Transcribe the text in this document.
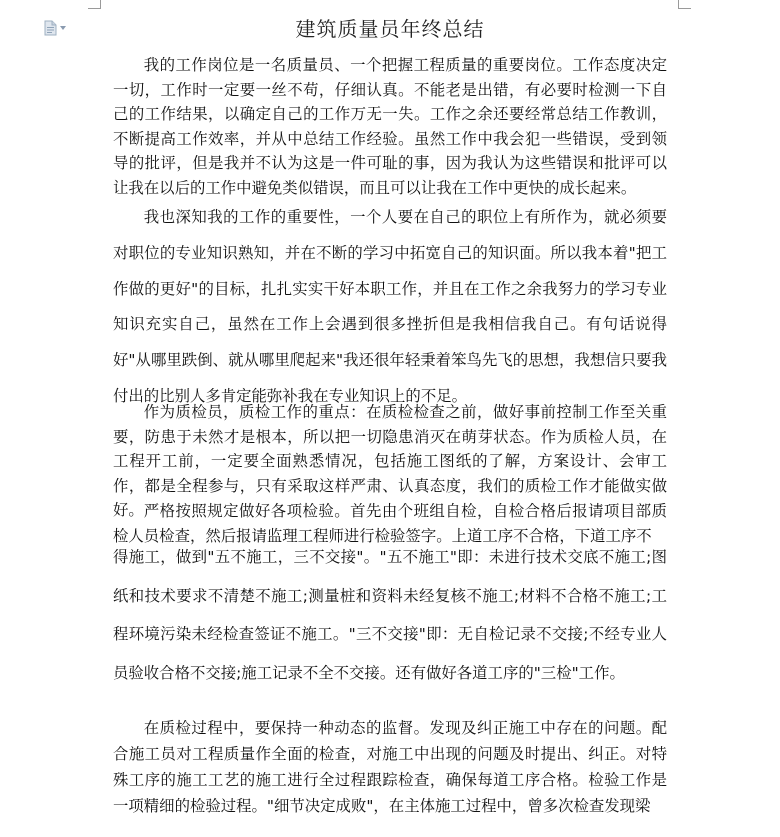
建筑质量员年终总结

我的工作岗位是一名质量员、一个把握工程质量的重要岗位。工作态度决定一切，工作时一定要一丝不苟，仔细认真。不能老是出错，有必要时检测一下自己的工作结果，以确定自己的工作万无一失。工作之余还要经常总结工作教训，不断提高工作效率，并从中总结工作经验。虽然工作中我会犯一些错误，受到领导的批评，但是我并不认为这是一件可耻的事，因为我认为这些错误和批评可以让我在以后的工作中避免类似错误，而且可以让我在工作中更快的成长起来。

我也深知我的工作的重要性，一个人要在自己的职位上有所作为，就必须要对职位的专业知识熟知，并在不断的学习中拓宽自己的知识面。所以我本着"把工作做的更好"的目标，扎扎实实干好本职工作，并且在工作之余我努力的学习专业知识充实自己，虽然在工作上会遇到很多挫折但是我相信我自己。有句话说得好"从哪里跌倒、就从哪里爬起来"我还很年轻秉着笨鸟先飞的思想，我想信只要我付出的比别人多肯定能弥补我在专业知识上的不足。

作为质检员，质检工作的重点：在质检检查之前，做好事前控制工作至关重要，防患于未然才是根本，所以把一切隐患消灭在萌芽状态。作为质检人员，在工程开工前，一定要全面熟悉情况，包括施工图纸的了解，方案设计、会审工作，都是全程参与，只有采取这样严肃、认真态度，我们的质检工作才能做实做好。 严格按照规定做好各项检验。首先由个班组自检，自检合格后报请项目部质检人员检查，然后报请监理工程师进行检验签字。上道工序不合格，下道工序不

得施工，做到"五不施工，三不交接"。"五不施工"即：未进行技术交底不施工;图纸和技术要求不清楚不施工;测量桩和资料未经复核不施工;材料不合格不施工;工程环境污染未经检查签证不施工。"三不交接"即：无自检记录不交接;不经专业人员验收合格不交接;施工记录不全不交接。还有做好各道工序的"三检"工作。

在质检过程中，要保持一种动态的监督。发现及纠正施工中存在的问题。配合施工员对工程质量作全面的检查，对施工中出现的问题及时提出、纠正。对特殊工序的施工工艺的施工进行全过程跟踪检查，确保每道工序合格。检验工作是一项精细的检验过程。"细节决定成败"，在主体施工过程中，曾多次检查发现梁
